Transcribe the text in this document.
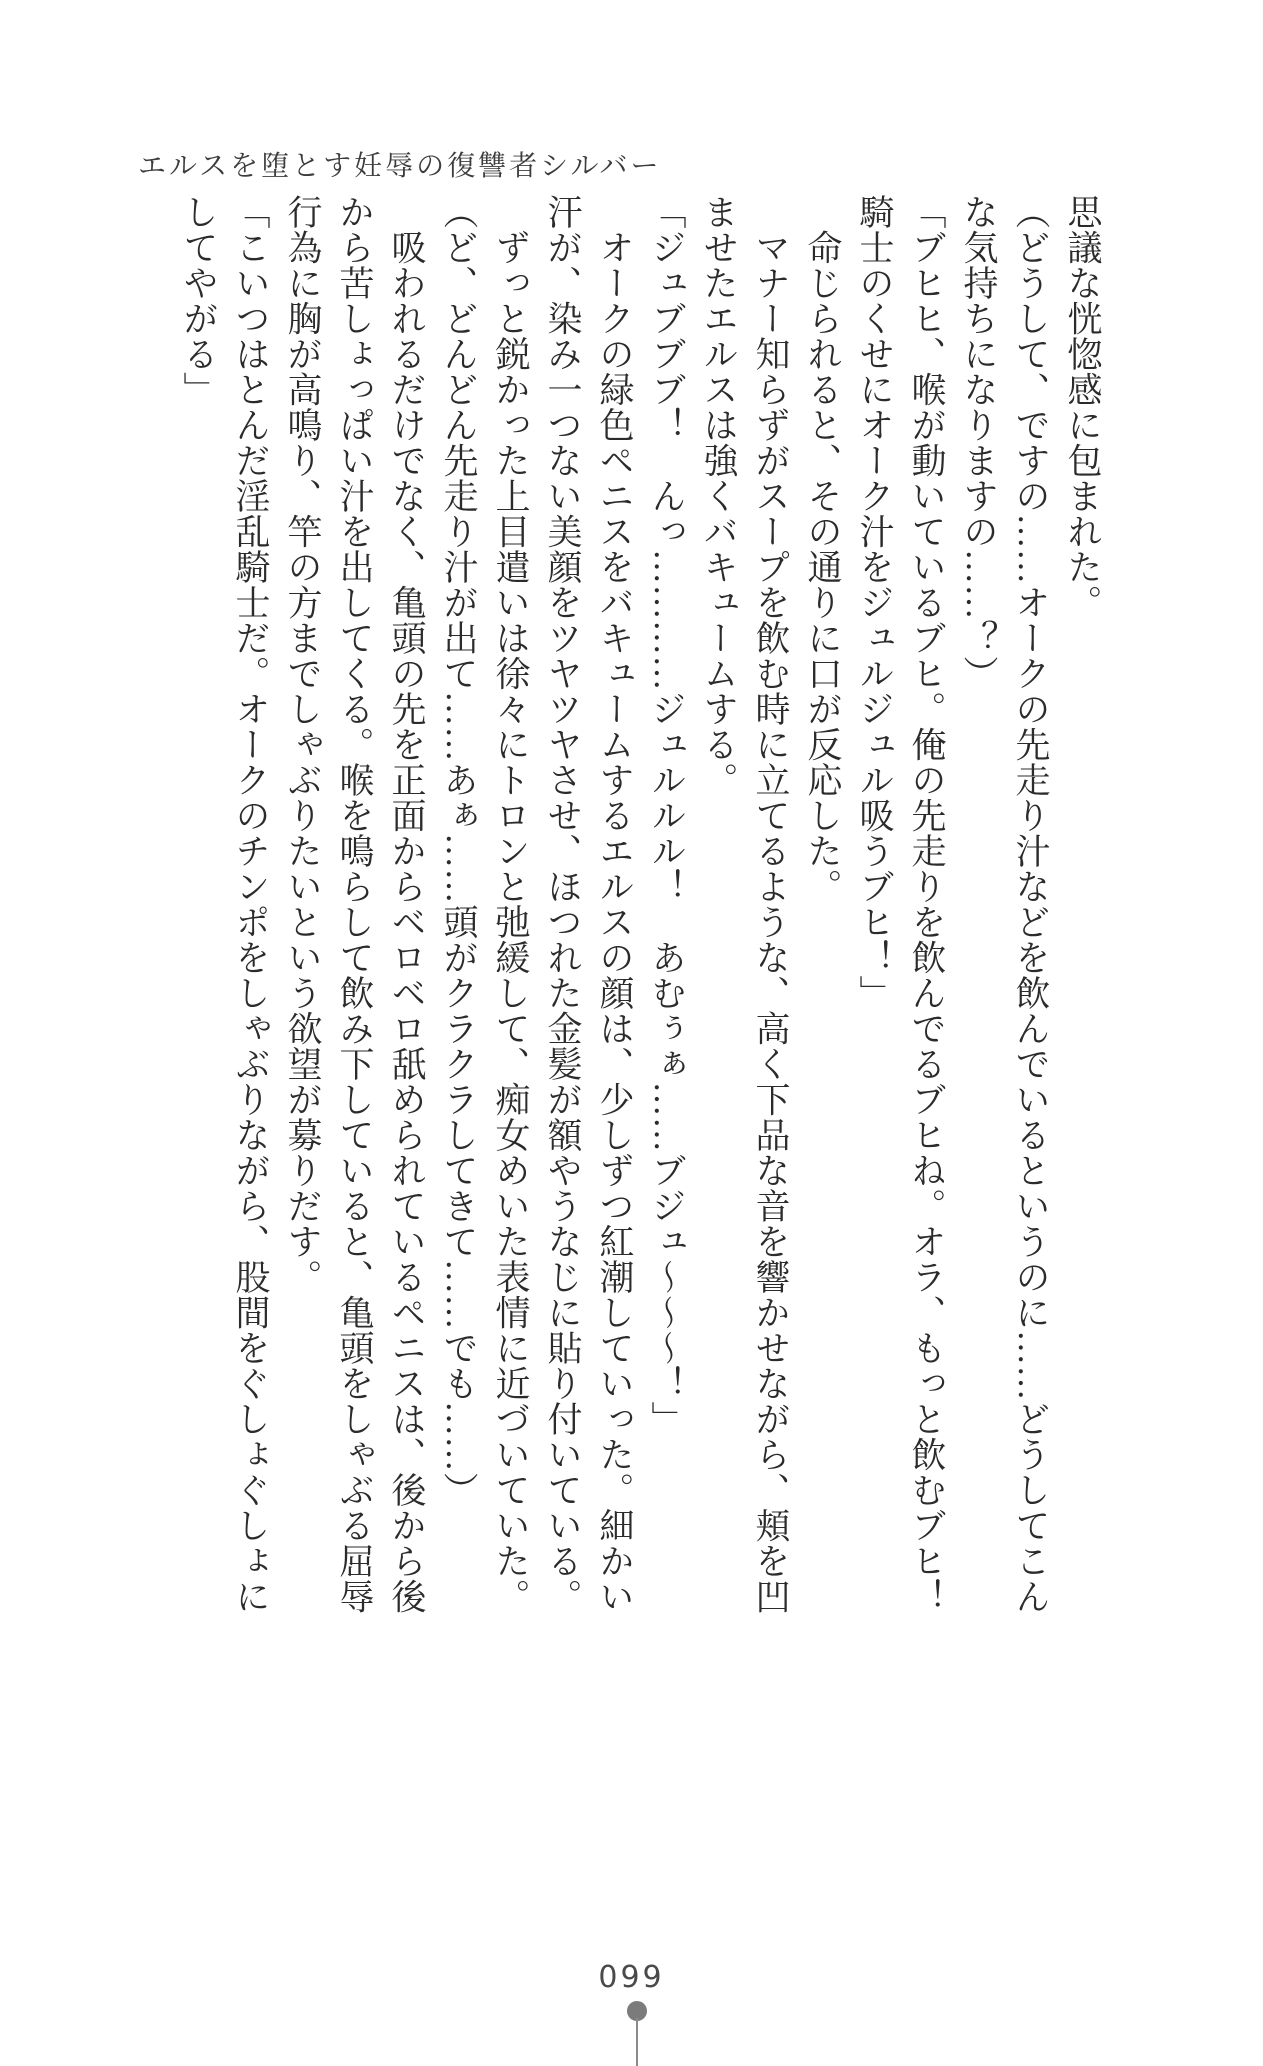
エルスを堕とす妊辱の復讐者シルバー

思議な恍惚感に包まれた。

（どうして、ですの……オークの先走り汁などを飲んでいるというのに……どうしてこん

な気持ちになりますの……？）

「ブヒヒ、喉が動いているブヒ。俺の先走りを飲んでるブヒね。オラ、もっと飲むブヒ！

騎士のくせにオーク汁をジュルジュル吸うブヒ！」

　命じられると、その通りに口が反応した。

　マナー知らずがスープを飲む時に立てるような、高く下品な音を響かせながら、頬を凹

ませたエルスは強くバキュームする。

「ジュブブブ！　んっ…………ジュルルル！　あむぅぁ……ブジュ～～～！」

　オークの緑色ペニスをバキュームするエルスの顔は、少しずつ紅潮していった。細かい

汗が、染み一つない美顔をツヤツヤさせ、ほつれた金髪が額やうなじに貼り付いている。

　ずっと鋭かった上目遣いは徐々にトロンと弛緩して、痴女めいた表情に近づいていた。

（ど、どんどん先走り汁が出て……あぁ……頭がクラクラしてきて……でも……）

　吸われるだけでなく、亀頭の先を正面からベロベロ舐められているペニスは、後から後

から苦しょっぱい汁を出してくる。喉を鳴らして飲み下していると、亀頭をしゃぶる屈辱

行為に胸が高鳴り、竿の方までしゃぶりたいという欲望が募りだす。

「こいつはとんだ淫乱騎士だ。オークのチンポをしゃぶりながら、股間をぐしょぐしょに

してやがる」

099
